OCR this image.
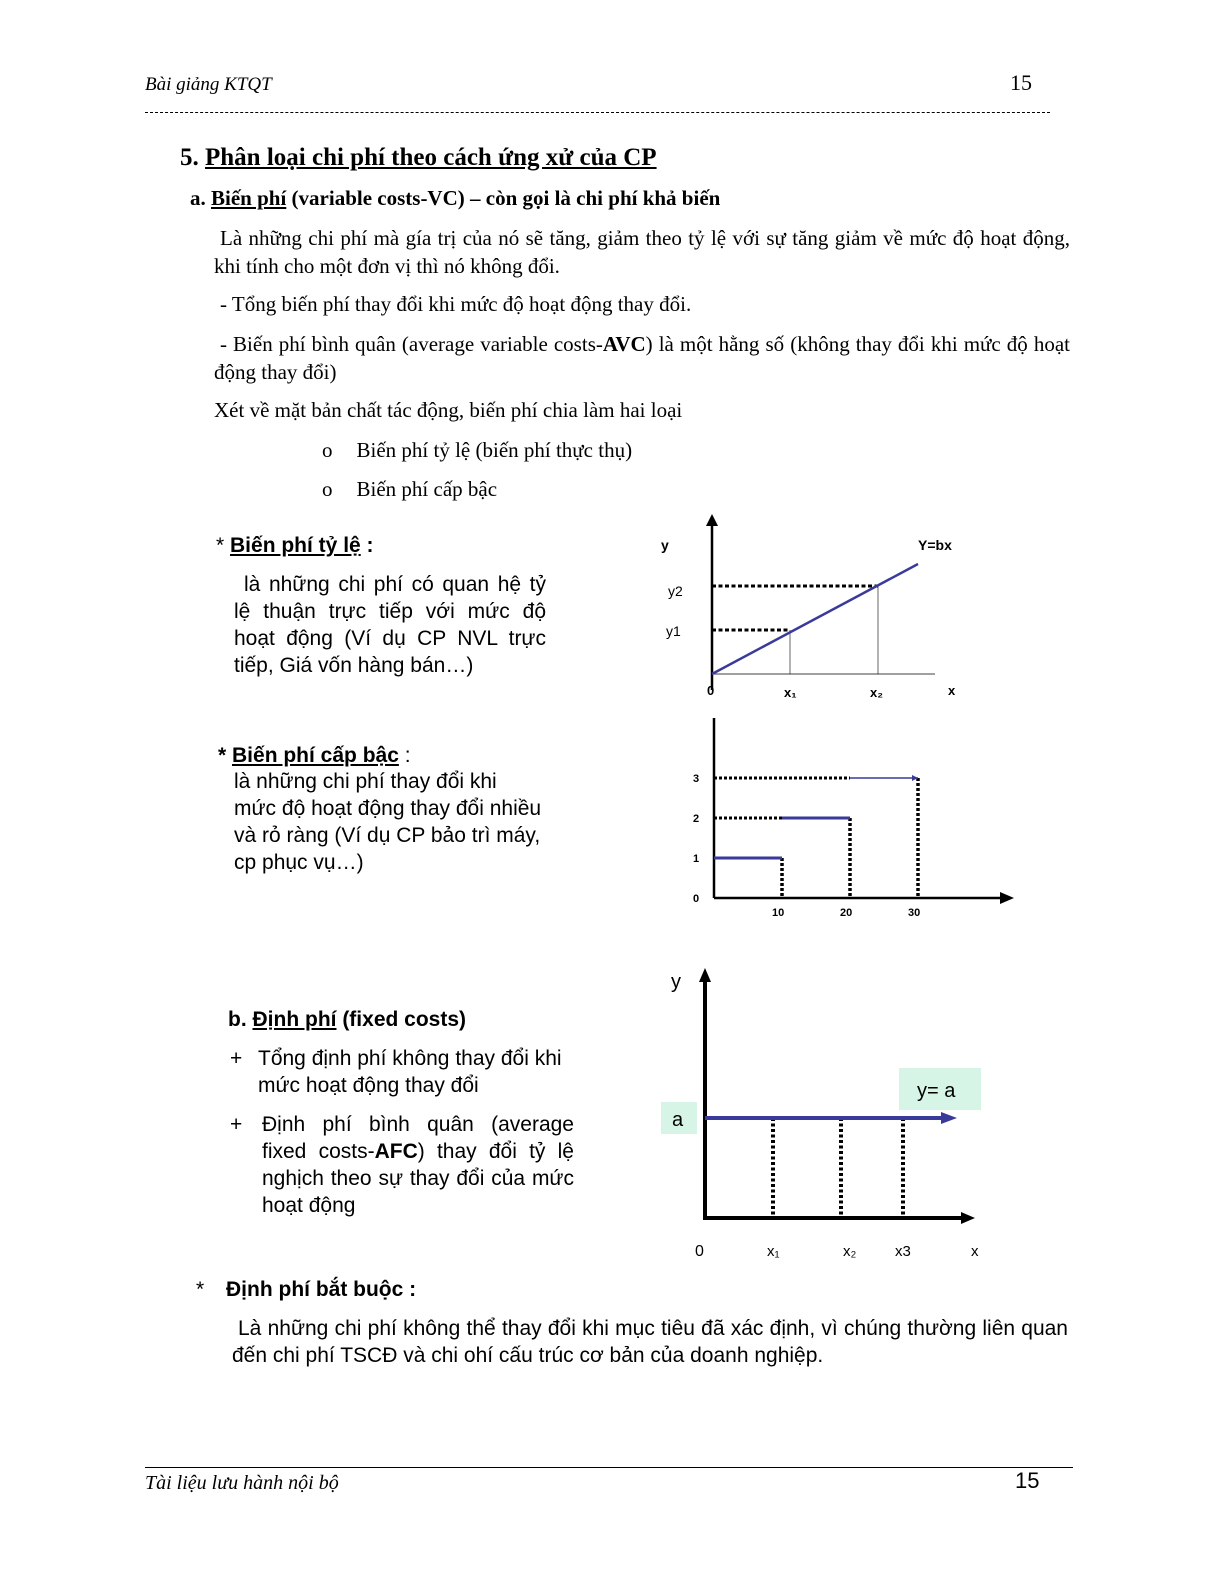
Bài giảng KTQT	15
5. Phân loại chi phí theo cách ứng xử của CP
a. Biến phí (variable costs-VC) – còn gọi là chi phí khả biến
Là những chi phí mà gía trị của nó sẽ tăng, giảm theo tỷ lệ với sự tăng giảm về mức độ hoạt động, khi tính cho một đơn vị thì nó không đổi.
- Tổng biến phí thay đổi khi mức độ hoạt động thay đổi.
- Biến phí bình quân (average variable costs-AVC) là một hằng số (không thay đổi khi mức độ hoạt động thay đổi)
Xét về mặt bản chất tác động, biến phí chia làm hai loại
o Biến phí tỷ lệ (biến phí thực thụ)
o Biến phí cấp bậc
* Biến phí tỷ lệ :
là những chi phí có quan hệ tỷ lệ thuận trực tiếp với mức độ hoạt động (Ví dụ CP NVL trực tiếp, Giá vốn hàng bán…)
* Biến phí cấp bậc :
là những chi phí thay đổi khi mức độ hoạt động thay đổi nhiều và rỏ ràng (Ví dụ CP bảo trì máy, cp phục vụ…)
b. Định phí (fixed costs)
+ Tổng định phí không thay đổi khi mức hoạt động thay đổi
+ Định phí bình quân (average fixed costs-AFC) thay đổi tỷ lệ nghịch theo sự thay đổi của mức hoạt động
* Định phí bắt buộc :
Là những chi phí không thể thay đổi khi mục tiêu đã xác định, vì chúng thường liên quan đến chi phí TSCĐ và chi ohí cấu trúc cơ bản của doanh nghiệp.
y	Y=bx
y2
y1
0	x₁	x₂	x
0
1
2
3
10	20	30
y
a
y= a
0	x₁	x₂	x3	x
Tài liệu lưu hành nội bộ	15
